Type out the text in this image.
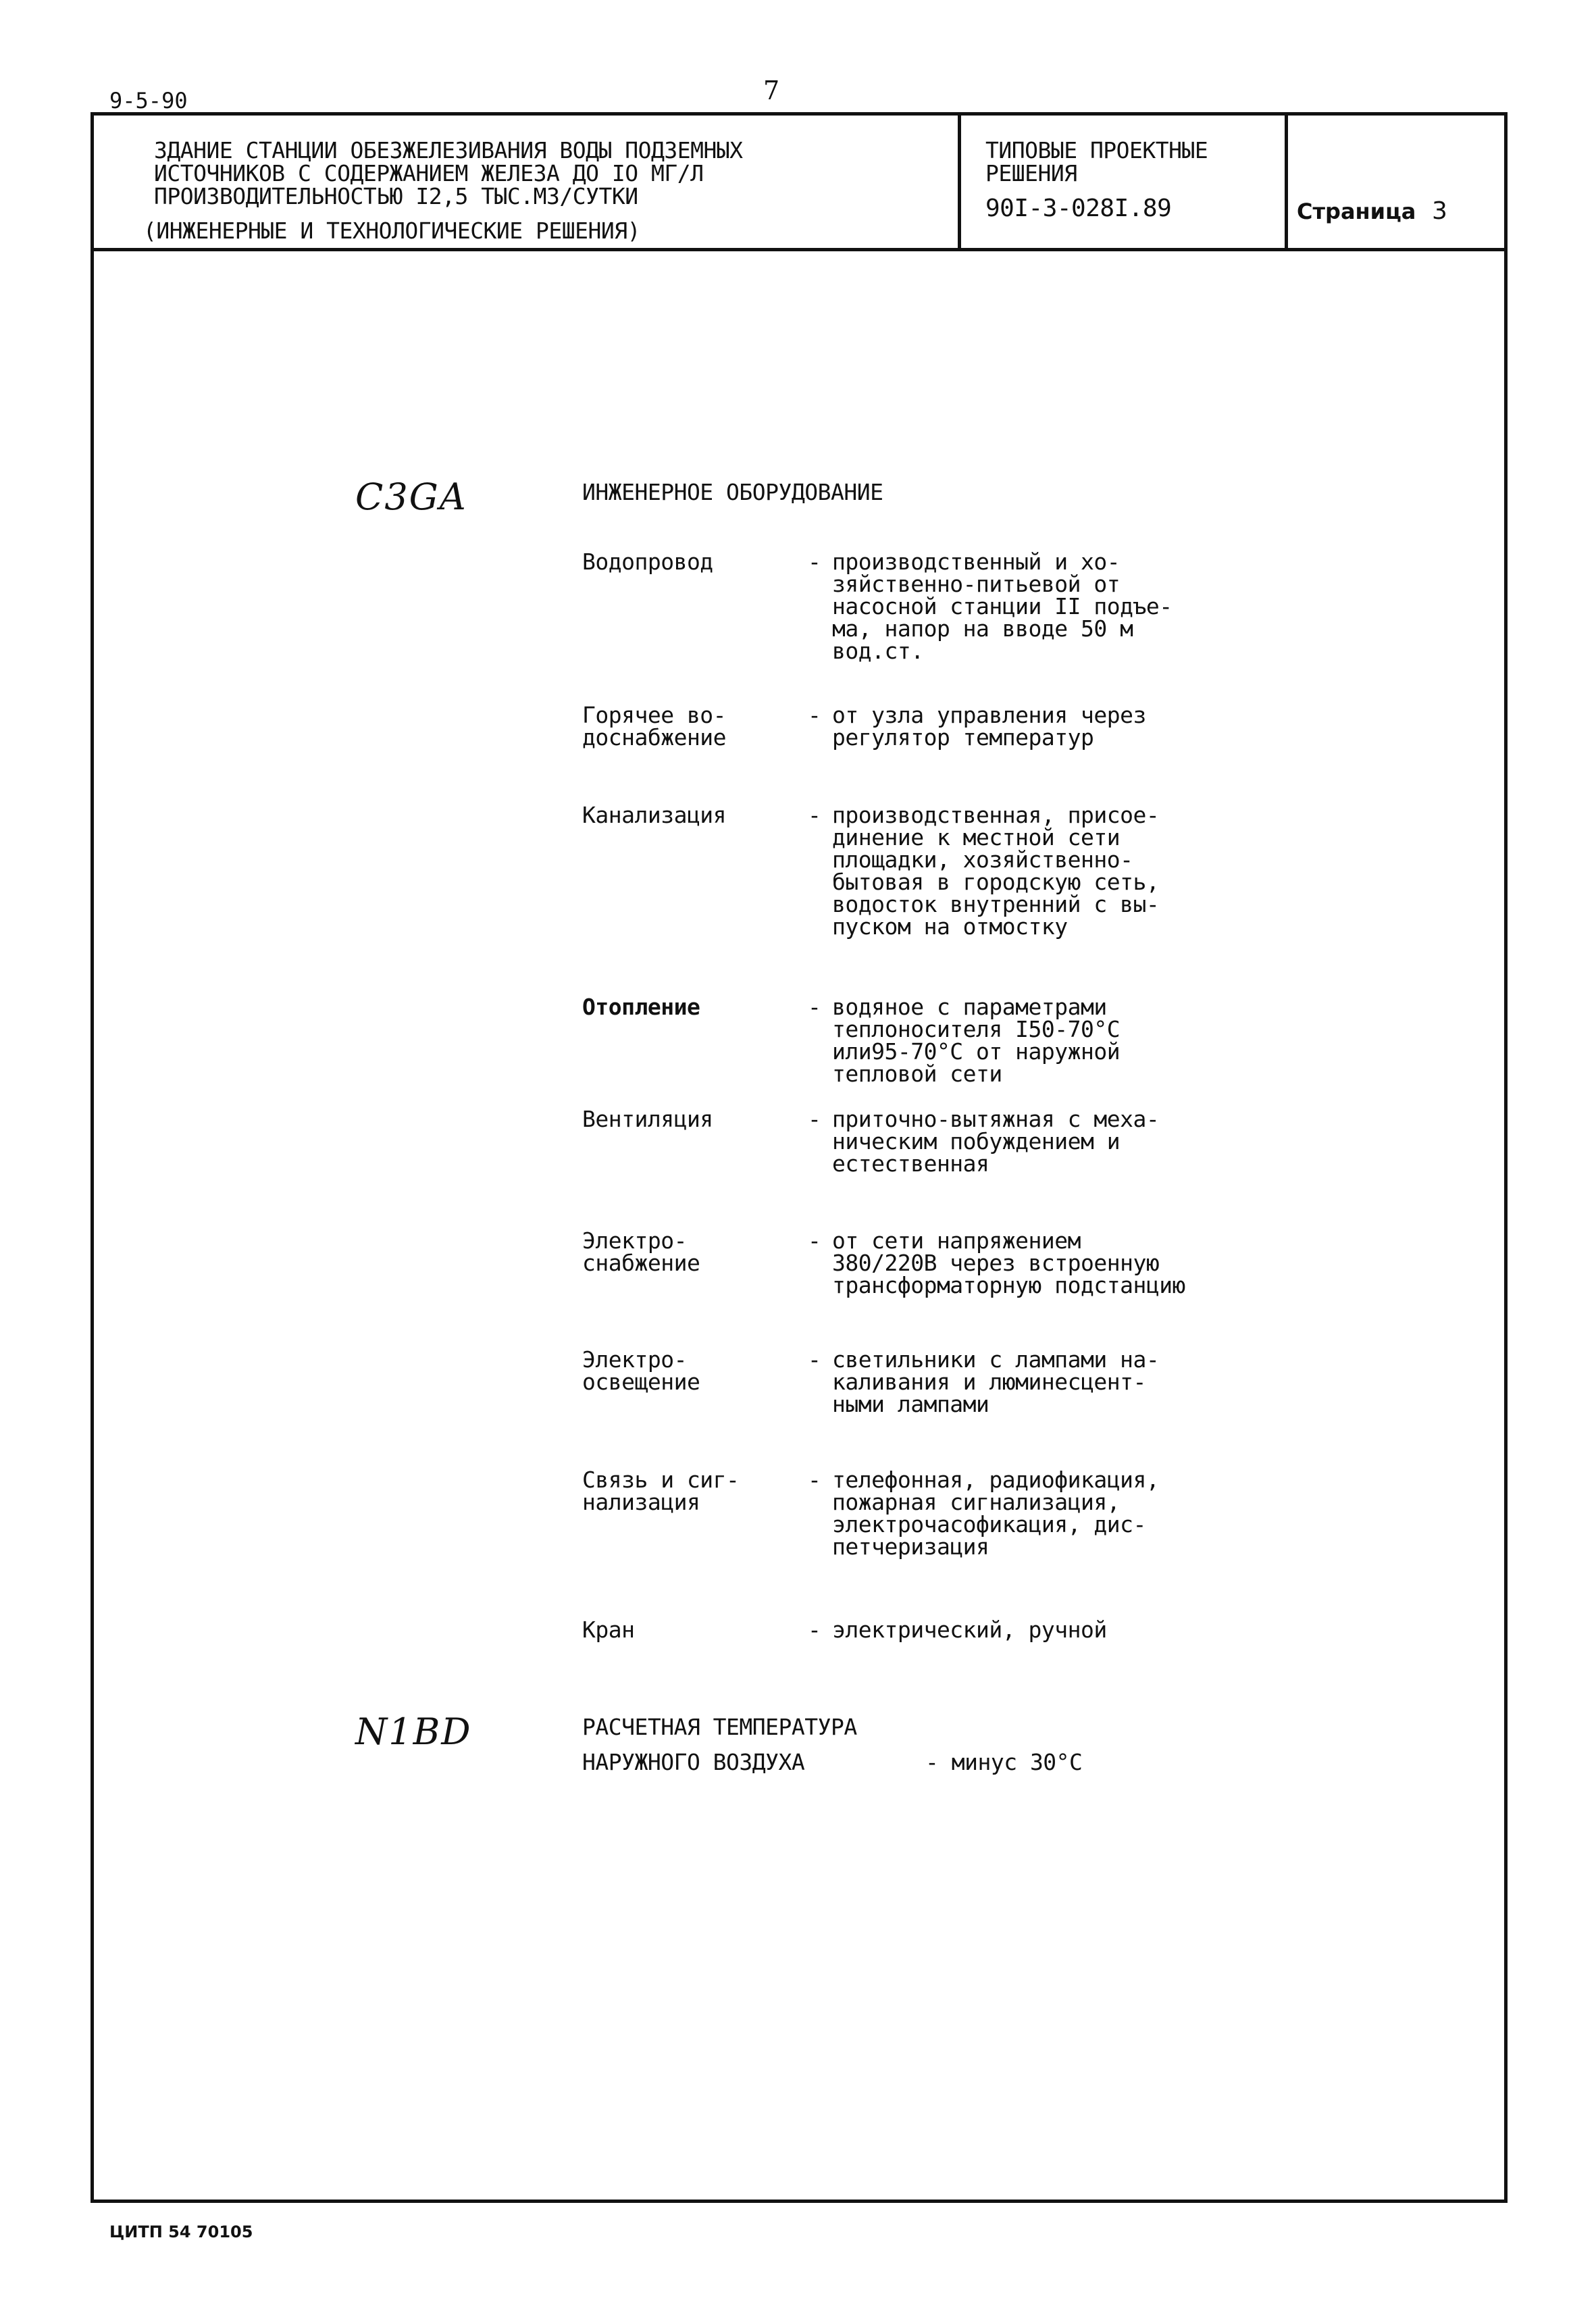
9-5-90	7
ЗДАНИЕ СТАНЦИИ ОБЕЗЖЕЛЕЗИВАНИЯ ВОДЫ ПОДЗЕМНЫХ
ИСТОЧНИКОВ С СОДЕРЖАНИЕМ ЖЕЛЕЗА ДО IO МГ/Л
ПРОИЗВОДИТЕЛЬНОСТЬЮ I2,5 ТЫС.М3/СУТКИ
(ИНЖЕНЕРНЫЕ И ТЕХНОЛОГИЧЕСКИЕ РЕШЕНИЯ)
ТИПОВЫЕ ПРОЕКТНЫЕ
РЕШЕНИЯ
90I-3-028I.89	Страница 3
C3GA
N1BD
ИНЖЕНЕРНОЕ ОБОРУДОВАНИЕ
Водопровод	- производственный и хо-
зяйственно-питьевой от
насосной станции II подъе-
ма, напор на вводе 50 м
вод.ст.
Горячее во-
доснабжение
- от узла управления через
регулятор температур
Канализация	- производственная, присое-
динение к местной сети
площадки, хозяйственно-
бытовая в городскую сеть,
водосток внутренний с вы-
пуском на отмостку
Отопление	- водяное с параметрами
теплоносителя I50-70°С
или95-70°С от наружной
тепловой сети
Вентиляция	- приточно-вытяжная с меха-
ническим побуждением и
естественная
Электро-
снабжение
- от сети напряжением
380/220В через встроенную
трансформаторную подстанцию
Электро-
освещение
- светильники с лампами на-
каливания и люминесцент-
ными лампами
Связь и сиг-
нализация
- телефонная, радиофикация,
пожарная сигнализация,
электрочасофикация, дис-
петчеризация
Кран	- электрический, ручной
РАСЧЕТНАЯ ТЕМПЕРАТУРА
НАРУЖНОГО ВОЗДУХА	- минус 30°С
ЦИТП 54 70105
